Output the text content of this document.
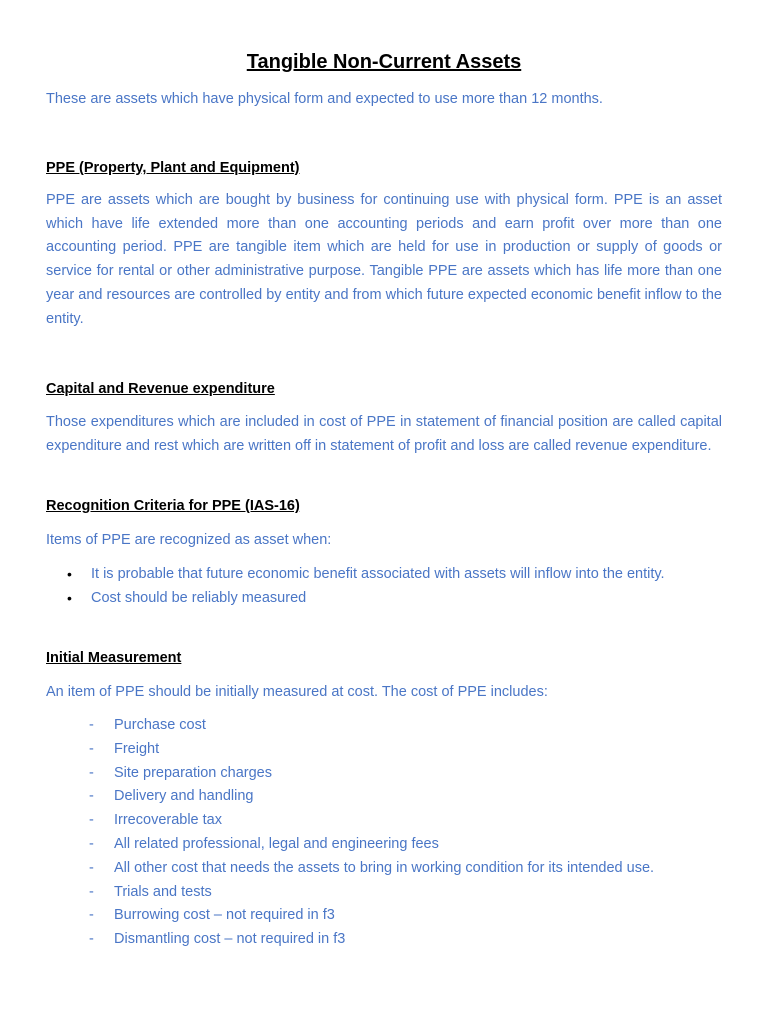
Tangible Non-Current Assets

These are assets which have physical form and expected to use more than 12 months.

PPE (Property, Plant and Equipment)

PPE are assets which are bought by business for continuing use with physical form. PPE is an asset which have life extended more than one accounting periods and earn profit over more than one accounting period. PPE are tangible item which are held for use in production or supply of goods or service for rental or other administrative purpose. Tangible PPE are assets which has life more than one year and resources are controlled by entity and from which future expected economic benefit inflow to the entity.

Capital and Revenue expenditure

Those expenditures which are included in cost of PPE in statement of financial position are called capital expenditure and rest which are written off in statement of profit and loss are called revenue expenditure.

Recognition Criteria for PPE (IAS-16)

Items of PPE are recognized as asset when:

• It is probable that future economic benefit associated with assets will inflow into the entity.
• Cost should be reliably measured
Initial Measurement

An item of PPE should be initially measured at cost. The cost of PPE includes:

- Purchase cost
- Freight
- Site preparation charges
- Delivery and handling
- Irrecoverable tax
- All related professional, legal and engineering fees
- All other cost that needs the assets to bring in working condition for its intended use.
- Trials and tests
- Burrowing cost – not required in f3
- Dismantling cost – not required in f3
